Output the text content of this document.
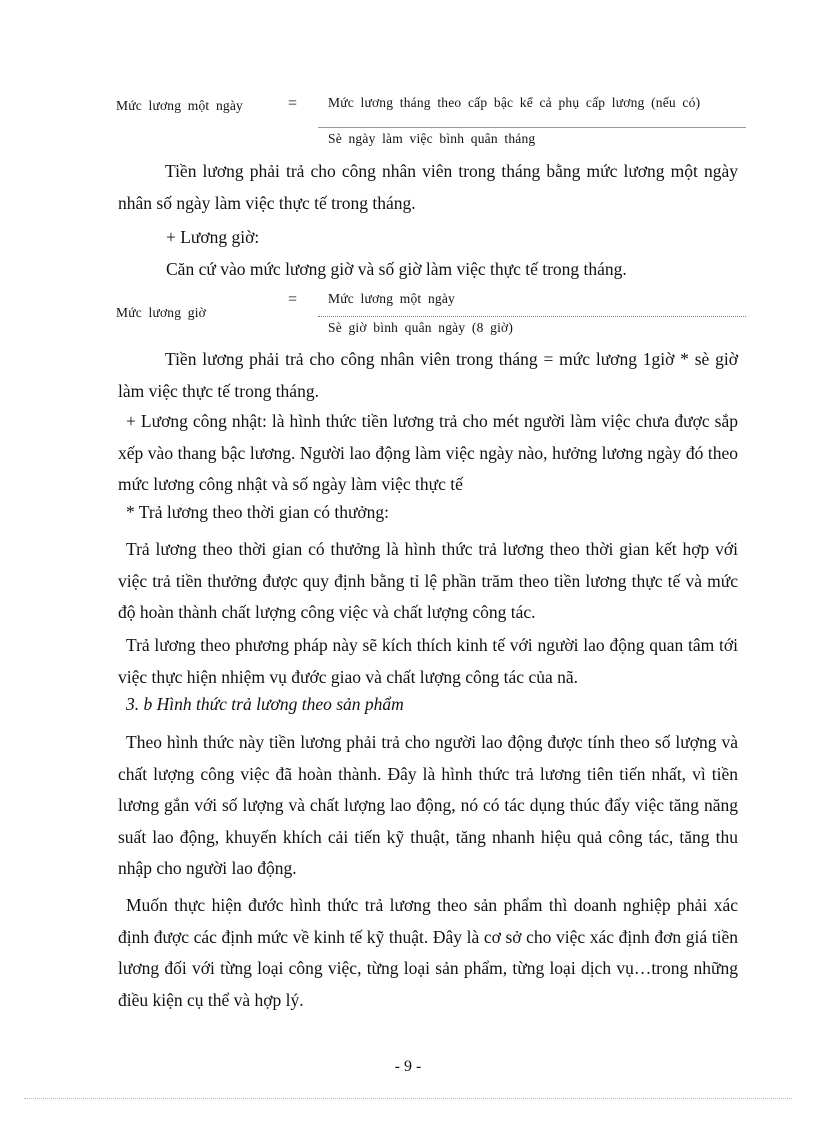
Mức lương một ngày	= Mức lương tháng theo cấp bậc kể cả phụ cấp lương (nếu có)
Sè ngày làm việc bình quân tháng

Tiền lương phải trả cho công nhân viên trong tháng bằng mức lương một ngày nhân số ngày làm việc thực tế trong tháng.

+ Lương giờ:

Căn cứ vào mức lương giờ và số giờ làm việc thực tế trong tháng.

Mức lương giờ
= Mức lương một ngày
Sè giờ bình quân ngày (8 giờ)

Tiền lương phải trả cho công nhân viên trong tháng = mức lương 1giờ * sè giờ làm việc thực tế trong tháng.

+ Lương công nhật: là hình thức tiền lương trả cho mét người làm việc chưa được sắp xếp vào thang bậc lương. Người lao động làm việc ngày nào, hưởng lương ngày đó theo mức lương công nhật và số ngày làm việc thực tế

* Trả lương theo thời gian có thưởng:

Trả lương theo thời gian có thưởng là hình thức trả lương theo thời gian kết hợp với việc trả tiền thưởng được quy định bằng tỉ lệ phần trăm theo tiền lương thực tế và mức độ hoàn thành chất lượng công việc và chất lượng công tác.

Trả lương theo phương pháp này sẽ kích thích kinh tế với người lao động quan tâm tới việc thực hiện nhiệm vụ đước giao và chất lượng công tác của nã.

3. b Hình thức trả lương theo sản phẩm

Theo hình thức này tiền lương phải trả cho người lao động được tính theo số lượng và chất lượng công việc đã hoàn thành. Đây là hình thức trả lương tiên tiến nhất, vì tiền lương gắn với số lượng và chất lượng lao động, nó có tác dụng thúc đẩy việc tăng năng suất lao động, khuyến khích cải tiến kỹ thuật, tăng nhanh hiệu quả công tác, tăng thu nhập cho người lao động.

Muốn thực hiện đước hình thức trả lương theo sản phẩm thì doanh nghiệp phải xác định được các định mức về kinh tế kỹ thuật. Đây là cơ sở cho việc xác định đơn giá tiền lương đối với từng loại công việc, từng loại sản phẩm, từng loại dịch vụ…trong những điều kiện cụ thể và hợp lý.

- 9 -
